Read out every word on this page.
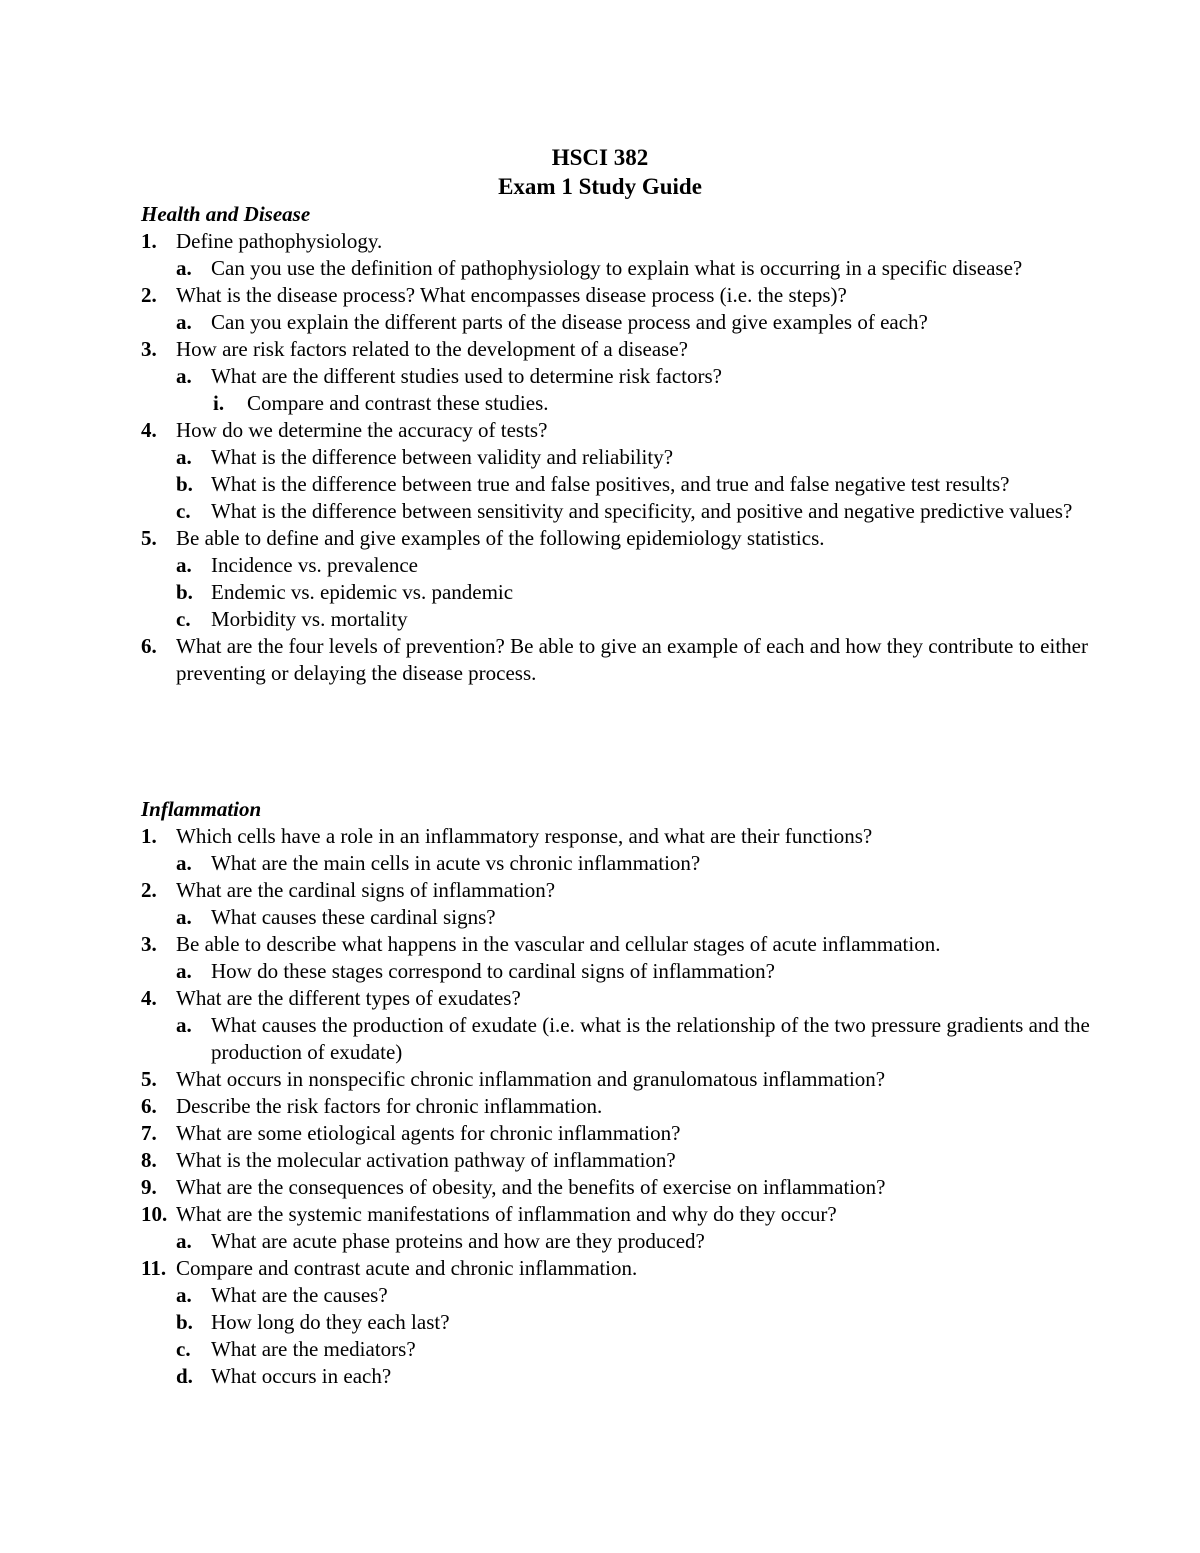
HSCI 382
Exam 1 Study Guide
Health and Disease
1. Define pathophysiology.
a. Can you use the definition of pathophysiology to explain what is occurring in a specific disease?
2. What is the disease process? What encompasses disease process (i.e. the steps)?
a. Can you explain the different parts of the disease process and give examples of each?
3. How are risk factors related to the development of a disease?
a. What are the different studies used to determine risk factors?
i. Compare and contrast these studies.
4. How do we determine the accuracy of tests?
a. What is the difference between validity and reliability?
b. What is the difference between true and false positives, and true and false negative test results?
c. What is the difference between sensitivity and specificity, and positive and negative predictive values?
5. Be able to define and give examples of the following epidemiology statistics.
a. Incidence vs. prevalence
b. Endemic vs. epidemic vs. pandemic
c. Morbidity vs. mortality
6. What are the four levels of prevention? Be able to give an example of each and how they contribute to either preventing or delaying the disease process.
Inflammation
1. Which cells have a role in an inflammatory response, and what are their functions?
a. What are the main cells in acute vs chronic inflammation?
2. What are the cardinal signs of inflammation?
a. What causes these cardinal signs?
3. Be able to describe what happens in the vascular and cellular stages of acute inflammation.
a. How do these stages correspond to cardinal signs of inflammation?
4. What are the different types of exudates?
a. What causes the production of exudate (i.e. what is the relationship of the two pressure gradients and the production of exudate)
5. What occurs in nonspecific chronic inflammation and granulomatous inflammation?
6. Describe the risk factors for chronic inflammation.
7. What are some etiological agents for chronic inflammation?
8. What is the molecular activation pathway of inflammation?
9. What are the consequences of obesity, and the benefits of exercise on inflammation?
10. What are the systemic manifestations of inflammation and why do they occur?
a. What are acute phase proteins and how are they produced?
11. Compare and contrast acute and chronic inflammation.
a. What are the causes?
b. How long do they each last?
c. What are the mediators?
d. What occurs in each?
